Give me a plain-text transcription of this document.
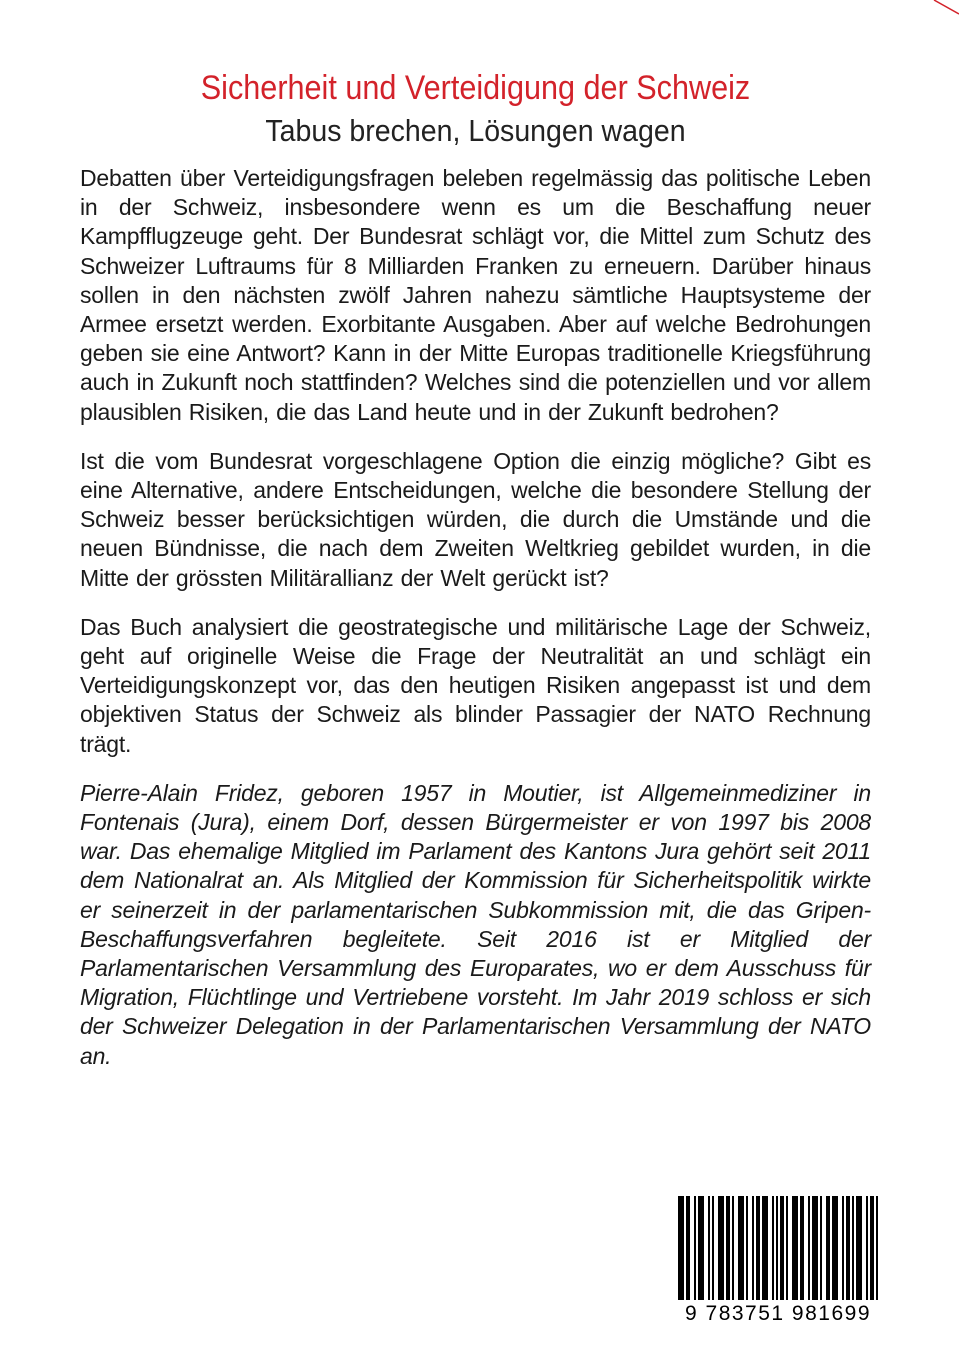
Sicherheit und Verteidigung der Schweiz
Tabus brechen, Lösungen wagen

Debatten über Verteidigungsfragen beleben regelmässig das politische Leben in der Schweiz, insbesondere wenn es um die Beschaffung neuer Kampfflugzeuge geht. Der Bundesrat schlägt vor, die Mittel zum Schutz des Schweizer Luftraums für 8 Milliarden Franken zu erneuern. Darüber hinaus sollen in den nächsten zwölf Jahren nahezu sämtliche Hauptsysteme der Armee ersetzt werden. Exorbitante Ausgaben. Aber auf welche Bedrohungen geben sie eine Antwort? Kann in der Mitte Europas traditionelle Kriegsführung auch in Zukunft noch stattfinden? Welches sind die potenziellen und vor allem plausiblen Risiken, die das Land heute und in der Zukunft bedrohen?

Ist die vom Bundesrat vorgeschlagene Option die einzig mögliche? Gibt es eine Alternative, andere Entscheidungen, welche die besondere Stellung der Schweiz besser berücksichtigen würden, die durch die Umstände und die neuen Bündnisse, die nach dem Zweiten Weltkrieg gebildet wurden, in die Mitte der grössten Militärallianz der Welt gerückt ist?

Das Buch analysiert die geostrategische und militärische Lage der Schweiz, geht auf originelle Weise die Frage der Neutralität an und schlägt ein Verteidigungskonzept vor, das den heutigen Risiken angepasst ist und dem objektiven Status der Schweiz als blinder Passagier der NATO Rechnung trägt.

Pierre-Alain Fridez, geboren 1957 in Moutier, ist Allgemeinmediziner in Fontenais (Jura), einem Dorf, dessen Bürgermeister er von 1997 bis 2008 war. Das ehemalige Mitglied im Parlament des Kantons Jura gehört seit 2011 dem Nationalrat an. Als Mitglied der Kommission für Sicherheitspolitik wirkte er seinerzeit in der parlamentarischen Subkommission mit, die das Gripen-Beschaffungsverfahren begleitete. Seit 2016 ist er Mitglied der Parlamentarischen Versammlung des Europarates, wo er dem Ausschuss für Migration, Flüchtlinge und Vertriebene vorsteht. Im Jahr 2019 schloss er sich der Schweizer Delegation in der Parlamentarischen Versammlung der NATO an.

9 783751 981699
